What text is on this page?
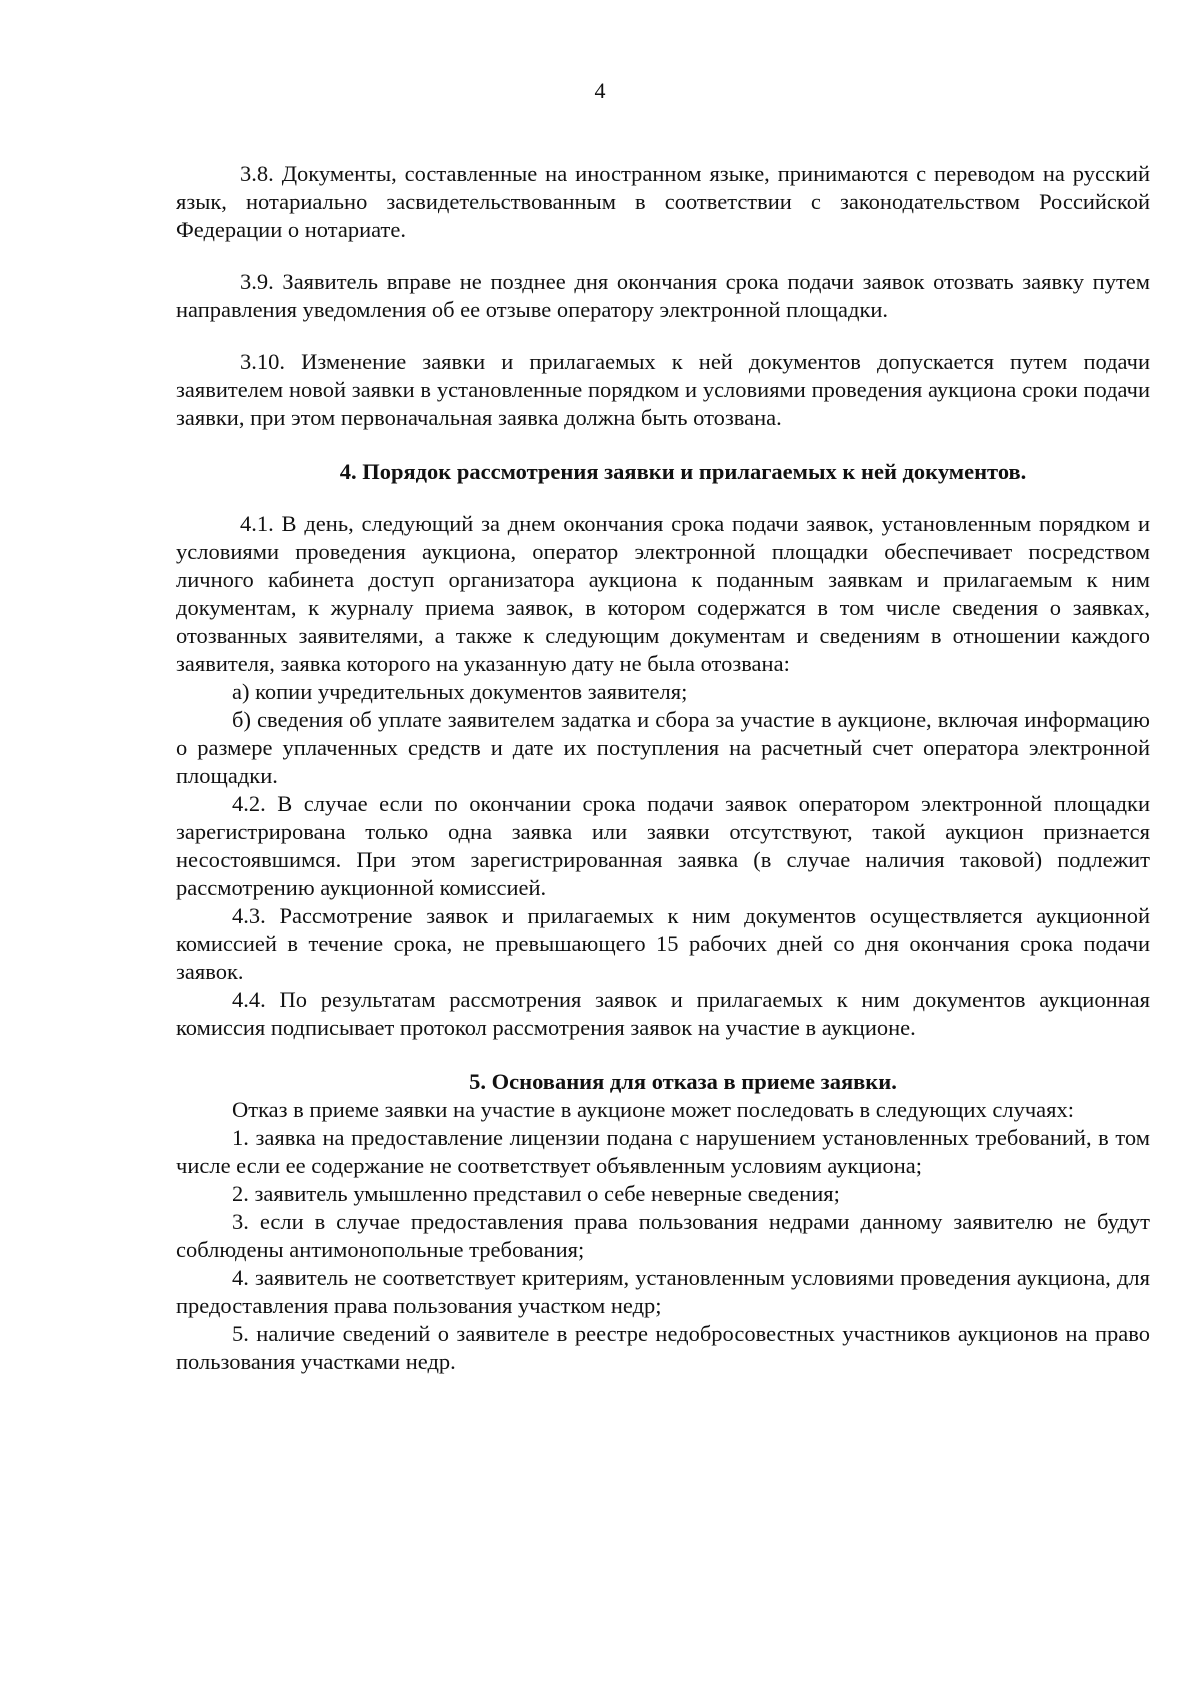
4

3.8. Документы, составленные на иностранном языке, принимаются с переводом на русский язык, нотариально засвидетельствованным в соответствии с законодательством Российской Федерации о нотариате.

3.9. Заявитель вправе не позднее дня окончания срока подачи заявок отозвать заявку путем направления уведомления об ее отзыве оператору электронной площадки.

3.10. Изменение заявки и прилагаемых к ней документов допускается путем подачи заявителем новой заявки в установленные порядком и условиями проведения аукциона сроки подачи заявки, при этом первоначальная заявка должна быть отозвана.

4. Порядок рассмотрения заявки и прилагаемых к ней документов.

4.1. В день, следующий за днем окончания срока подачи заявок, установленным порядком и условиями проведения аукциона, оператор электронной площадки обеспечивает посредством личного кабинета доступ организатора аукциона к поданным заявкам и прилагаемым к ним документам, к журналу приема заявок, в котором содержатся в том числе сведения о заявках, отозванных заявителями, а также к следующим документам и сведениям в отношении каждого заявителя, заявка которого на указанную дату не была отозвана:

а) копии учредительных документов заявителя;

б) сведения об уплате заявителем задатка и сбора за участие в аукционе, включая информацию о размере уплаченных средств и дате их поступления на расчетный счет оператора электронной площадки.

4.2. В случае если по окончании срока подачи заявок оператором электронной площадки зарегистрирована только одна заявка или заявки отсутствуют, такой аукцион признается несостоявшимся. При этом зарегистрированная заявка (в случае наличия таковой) подлежит рассмотрению аукционной комиссией.

4.3. Рассмотрение заявок и прилагаемых к ним документов осуществляется аукционной комиссией в течение срока, не превышающего 15 рабочих дней со дня окончания срока подачи заявок.

4.4. По результатам рассмотрения заявок и прилагаемых к ним документов аукционная комиссия подписывает протокол рассмотрения заявок на участие в аукционе.

5. Основания для отказа в приеме заявки.

Отказ в приеме заявки на участие в аукционе может последовать в следующих случаях:

1. заявка на предоставление лицензии подана с нарушением установленных требований, в том числе если ее содержание не соответствует объявленным условиям аукциона;

2. заявитель умышленно представил о себе неверные сведения;

3. если в случае предоставления права пользования недрами данному заявителю не будут соблюдены антимонопольные требования;

4. заявитель не соответствует критериям, установленным условиями проведения аукциона, для предоставления права пользования участком недр;

5. наличие сведений о заявителе в реестре недобросовестных участников аукционов на право пользования участками недр.
